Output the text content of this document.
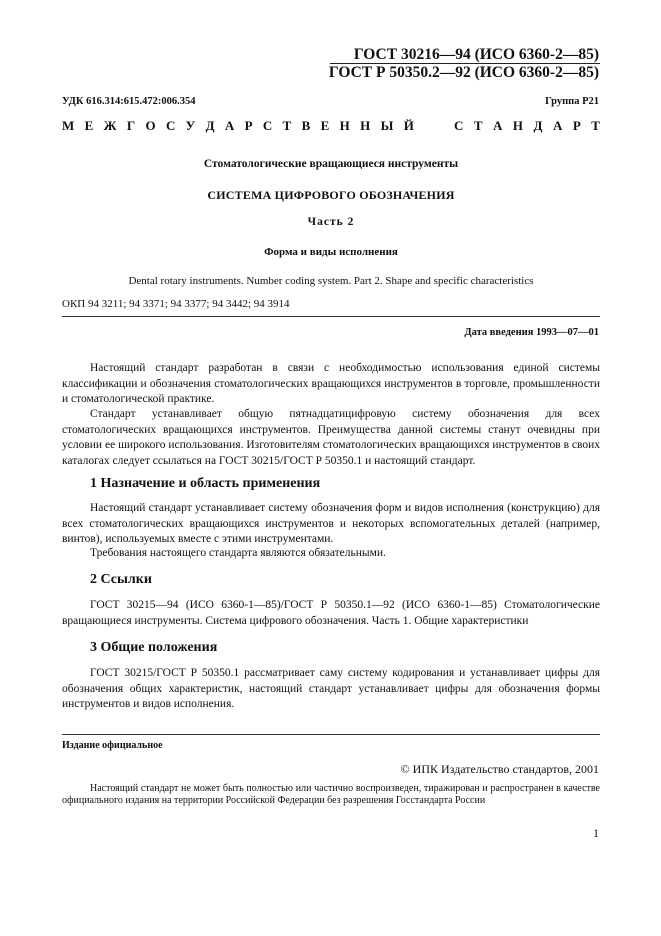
ГОСТ 30216—94 (ИСО 6360-2—85)
ГОСТ Р 50350.2—92 (ИСО 6360-2—85)
УДК 616.314:615.472:006.354	Группа Р21
М Е Ж Г О С У Д А Р С Т В Е Н Н Ы Й	С Т А Н Д А Р Т
Стоматологические вращающиеся инструменты
СИСТЕМА ЦИФРОВОГО ОБОЗНАЧЕНИЯ
Часть 2
Форма и виды исполнения
Dental rotary instruments. Number coding system. Part 2. Shape and specific characteristics
ОКП 94 3211; 94 3371; 94 3377; 94 3442; 94 3914
Дата введения 1993—07—01

Настоящий стандарт разработан в связи с необходимостью использования единой системы классификации и обозначения стоматологических вращающихся инструментов в торговле, промышленности и стоматологической практике.

Стандарт устанавливает общую пятнадцатицифровую систему обозначения для всех стоматологических вращающихся инструментов. Преимущества данной системы станут очевидны при условии ее широкого использования. Изготовителям стоматологических вращающихся инструментов в своих каталогах следует ссылаться на ГОСТ 30215/ГОСТ Р 50350.1 и настоящий стандарт.

1 Назначение и область применения

Настоящий стандарт устанавливает систему обозначения форм и видов исполнения (конструкцию) для всех стоматологических вращающихся инструментов и некоторых вспомогательных деталей (например, винтов), используемых вместе с этими инструментами.

Требования настоящего стандарта являются обязательными.

2 Ссылки

ГОСТ 30215—94 (ИСО 6360-1—85)/ГОСТ Р 50350.1—92 (ИСО 6360-1—85) Стоматологические вращающиеся инструменты. Система цифрового обозначения. Часть 1. Общие характеристики

3 Общие положения

ГОСТ 30215/ГОСТ Р 50350.1 рассматривает саму систему кодирования и устанавливает цифры для обозначения общих характеристик, настоящий стандарт устанавливает цифры для обозначения формы инструментов и видов исполнения.

Издание официальное
© ИПК Издательство стандартов, 2001

Настоящий стандарт не может быть полностью или частично воспроизведен, тиражирован и распространен в качестве официального издания на территории Российской Федерации без разрешения Госстандарта России

1
